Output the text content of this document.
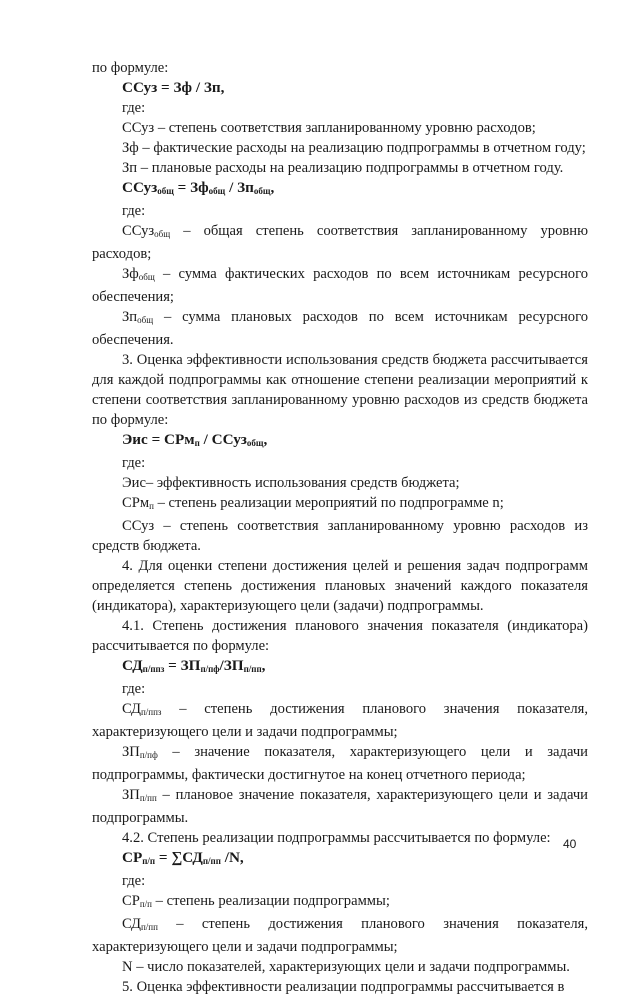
по формуле:

ССуз = Зф / Зп,

где:

ССуз – степень соответствия запланированному уровню расходов;

Зф – фактические расходы на реализацию подпрограммы в отчетном году;

Зп – плановые расходы на реализацию подпрограммы в отчетном году.

ССуз$_{общ}$ = $Зф_{общ} / Зп_{общ}$,

где:

ССуз$_{общ}$ – общая степень соответствия запланированному уровню расходов;

$Зф_{общ}$ – сумма фактических расходов по всем источникам ресурсного обеспечения;

$Зп_{общ}$ – сумма плановых расходов по всем источникам ресурсного обеспечения.

3. Оценка эффективности использования средств бюджета рассчитывается для каждой подпрограммы как отношение степени реализации мероприятий к степени соответствия запланированному уровню расходов из средств бюджета по формуле:

Эис = СРм$_п$ / ССуз$_{общ}$,

где:

Эис– эффективность использования средств бюджета;

СРм$_п$ – степень реализации мероприятий по подпрограмме n;

ССуз – степень соответствия запланированному уровню расходов из средств бюджета.

4. Для оценки степени достижения целей и решения задач подпрограмм определяется степень достижения плановых значений каждого показателя (индикатора), характеризующего цели (задачи) подпрограммы.

4.1. Степень достижения планового значения показателя (индикатора) рассчитывается по формуле:

$СД_{п/ппз} = ЗП_{п/пф}/ЗП_{п/пп}$,

где:

$СД_{п/ппз}$ – степень достижения планового значения показателя, характеризующего цели и задачи подпрограммы;

$ЗП_{п/пф}$ – значение показателя, характеризующего цели и задачи подпрограммы, фактически достигнутое на конец отчетного периода;

$ЗП_{п/пп}$ – плановое значение показателя, характеризующего цели и задачи подпрограммы.

4.2. Степень реализации подпрограммы рассчитывается по формуле:

$СР_{п/п} = \sum СД_{п/пп}$ /N,

где:

$СР_{п/п}$ – степень реализации подпрограммы;

$СД_{п/пп}$ – степень достижения планового значения показателя, характеризующего цели и задачи подпрограммы;

N – число показателей, характеризующих цели и задачи подпрограммы.

5. Оценка эффективности реализации подпрограммы рассчитывается в

40
